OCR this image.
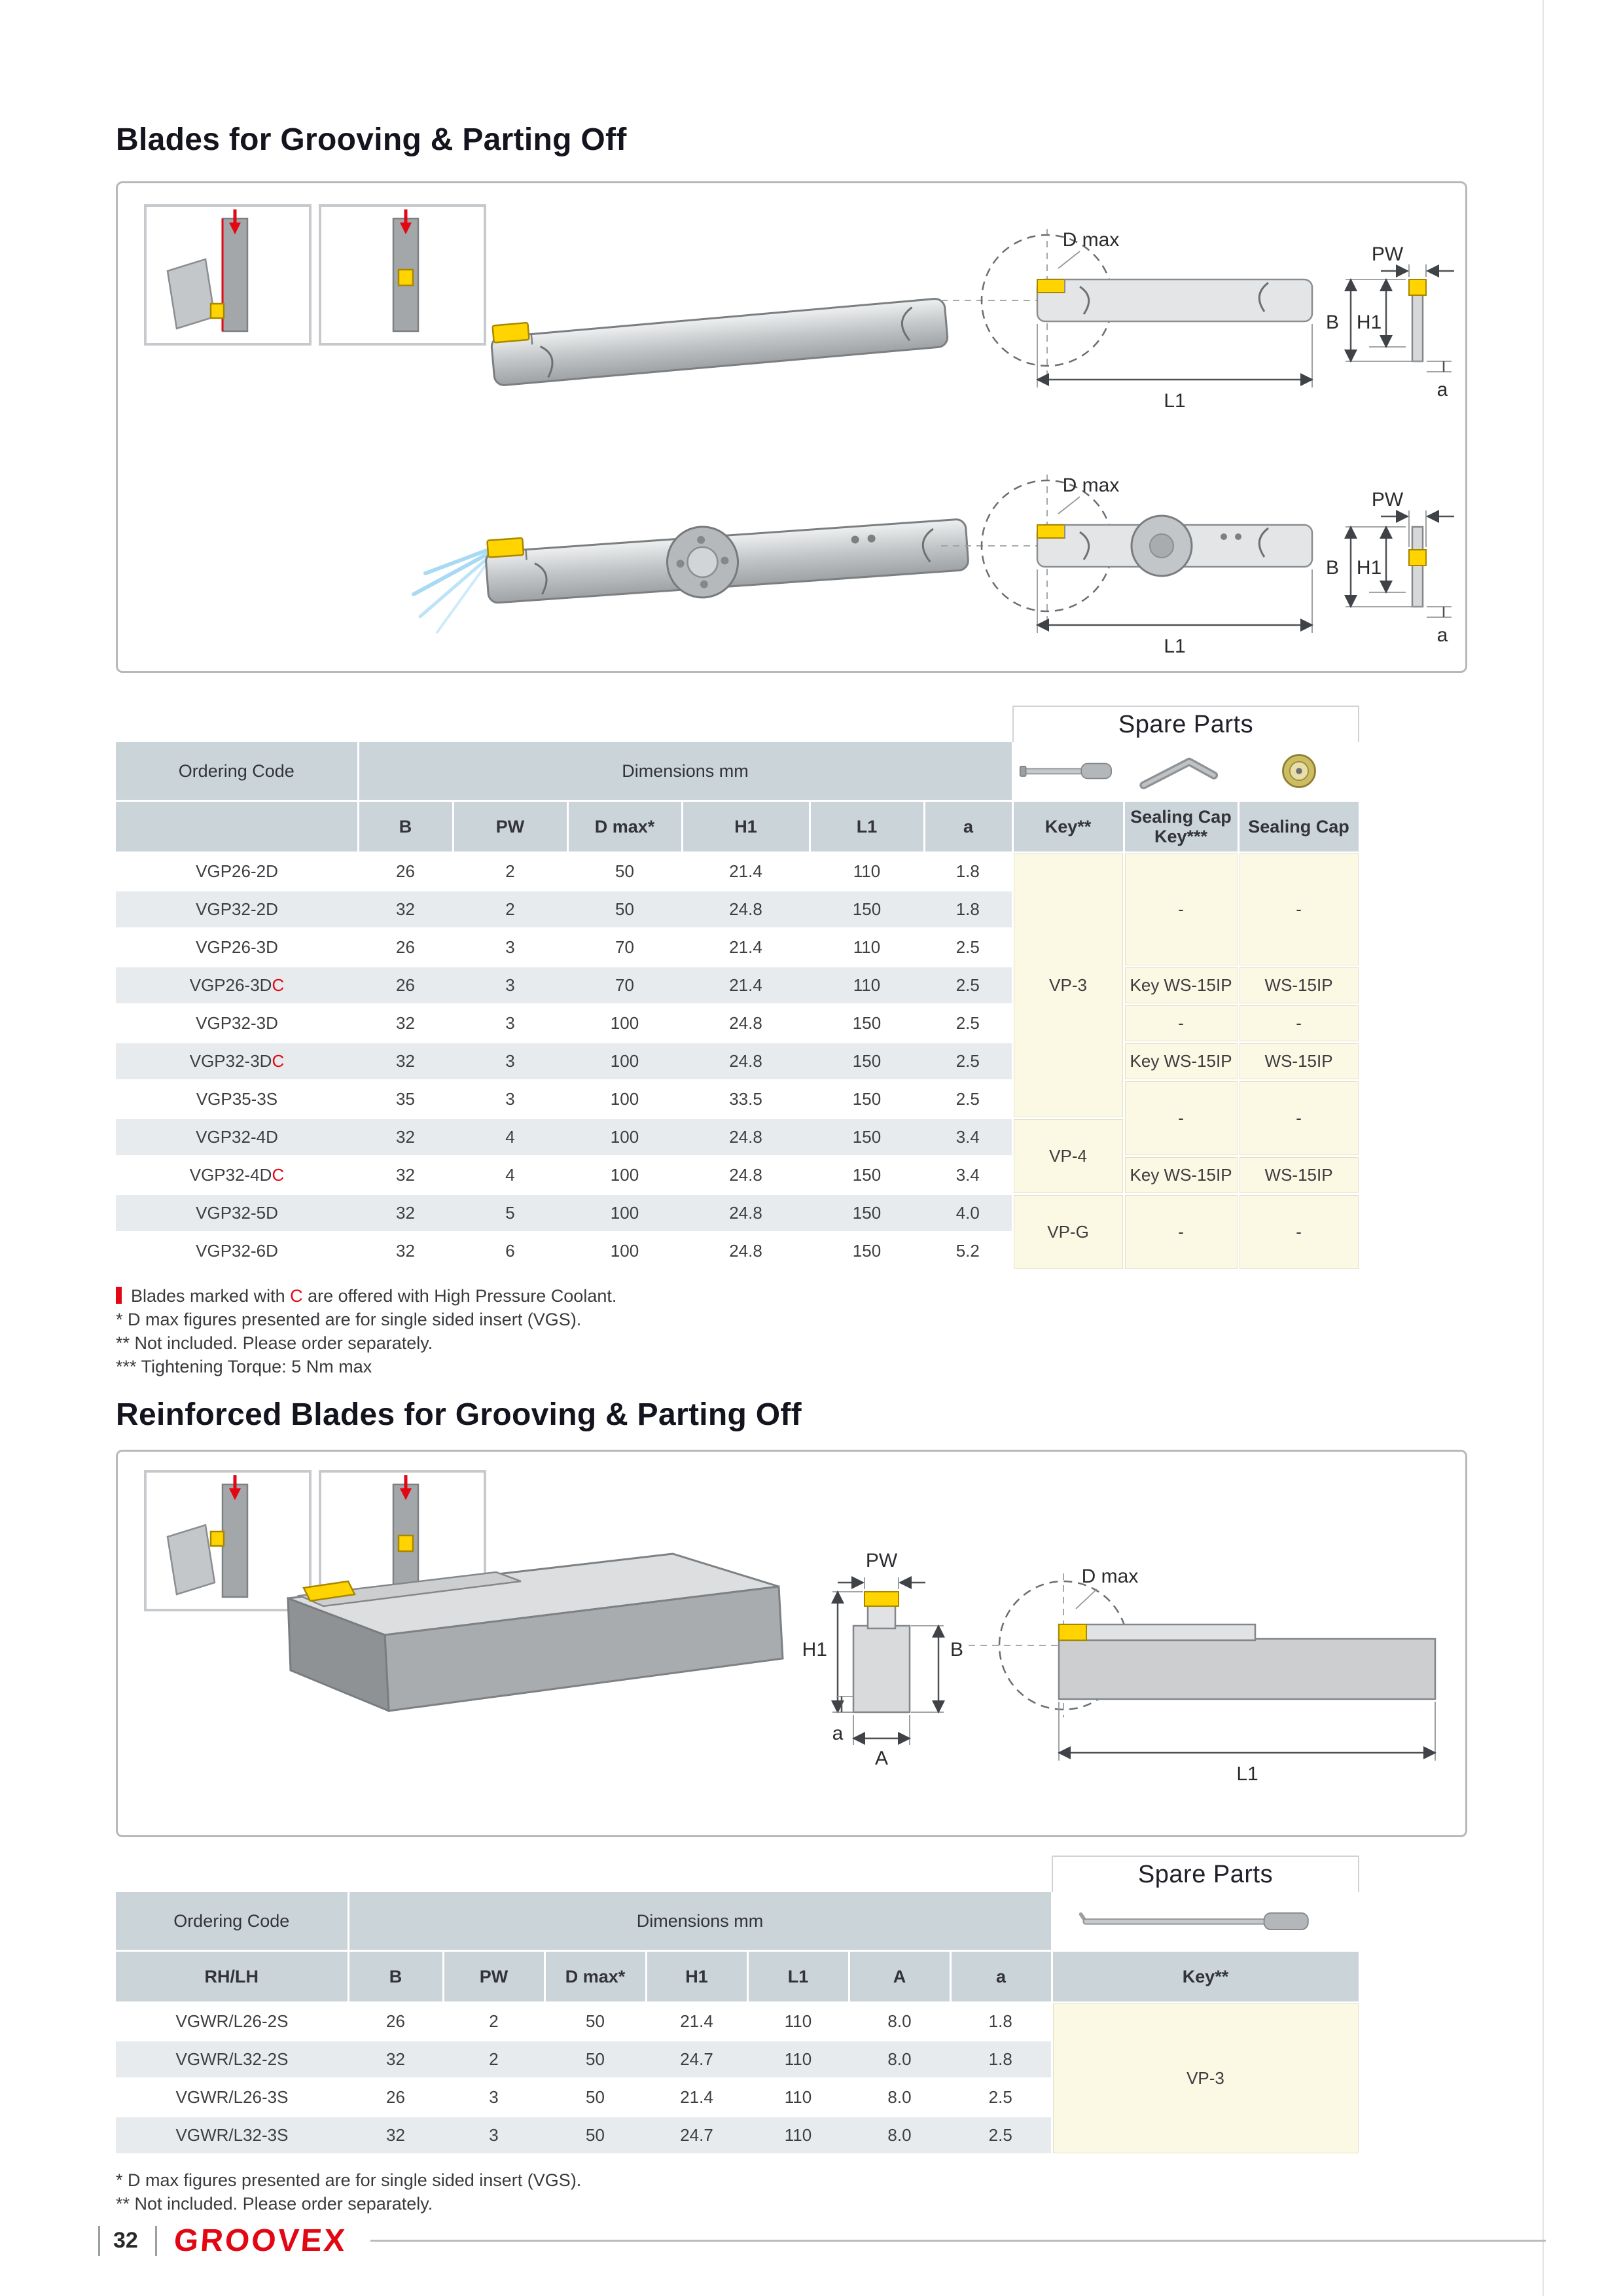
Blades for Grooving & Parting Off
D max
L1
PW
B H1
a
D max
L1
PW
B H1
a
Spare Parts
Ordering Code	Dimensions mm	

	B	PW	D max*	H1	L1	a	Key**	Sealing Cap Key***	Sealing Cap
VGP26-2D	26	2	50	21.4	110	1.8	VP-3	-	-
VGP32-2D	32	2	50	24.8	150	1.8			
VGP26-3D	26	3	70	21.4	110	2.5			
VGP26-3DC	26	3	70	21.4	110	2.5		Key WS-15IP	WS-15IP
VGP32-3D	32	3	100	24.8	150	2.5		-	-
VGP32-3DC	32	3	100	24.8	150	2.5		Key WS-15IP	WS-15IP
VGP35-3S	35	3	100	33.5	150	2.5		-	-
VGP32-4D	32	4	100	24.8	150	3.4	VP-4		
VGP32-4DC	32	4	100	24.8	150	3.4		Key WS-15IP	WS-15IP
VGP32-5D	32	5	100	24.8	150	4.0	VP-G	-	-
VGP32-6D	32	6	100	24.8	150	5.2			
Blades marked with C are offered with High Pressure Coolant.
* D max figures presented are for single sided insert (VGS).
** Not included. Please order separately.
*** Tightening Torque: 5 Nm max
Reinforced Blades for Grooving & Parting Off
PW
H1	B
a
A
D max
L1
Spare Parts
Ordering Code	Dimensions mm	

RH/LH	B	PW	D max*	H1	L1	A	a	Key**
VGWR/L26-2S	26	2	50	21.4	110	8.0	1.8	VP-3
VGWR/L32-2S	32	2	50	24.7	110	8.0	1.8	
VGWR/L26-3S	26	3	50	21.4	110	8.0	2.5	
VGWR/L32-3S	32	3	50	24.7	110	8.0	2.5	
* D max figures presented are for single sided insert (VGS).
** Not included. Please order separately.
32 GROOVEX
